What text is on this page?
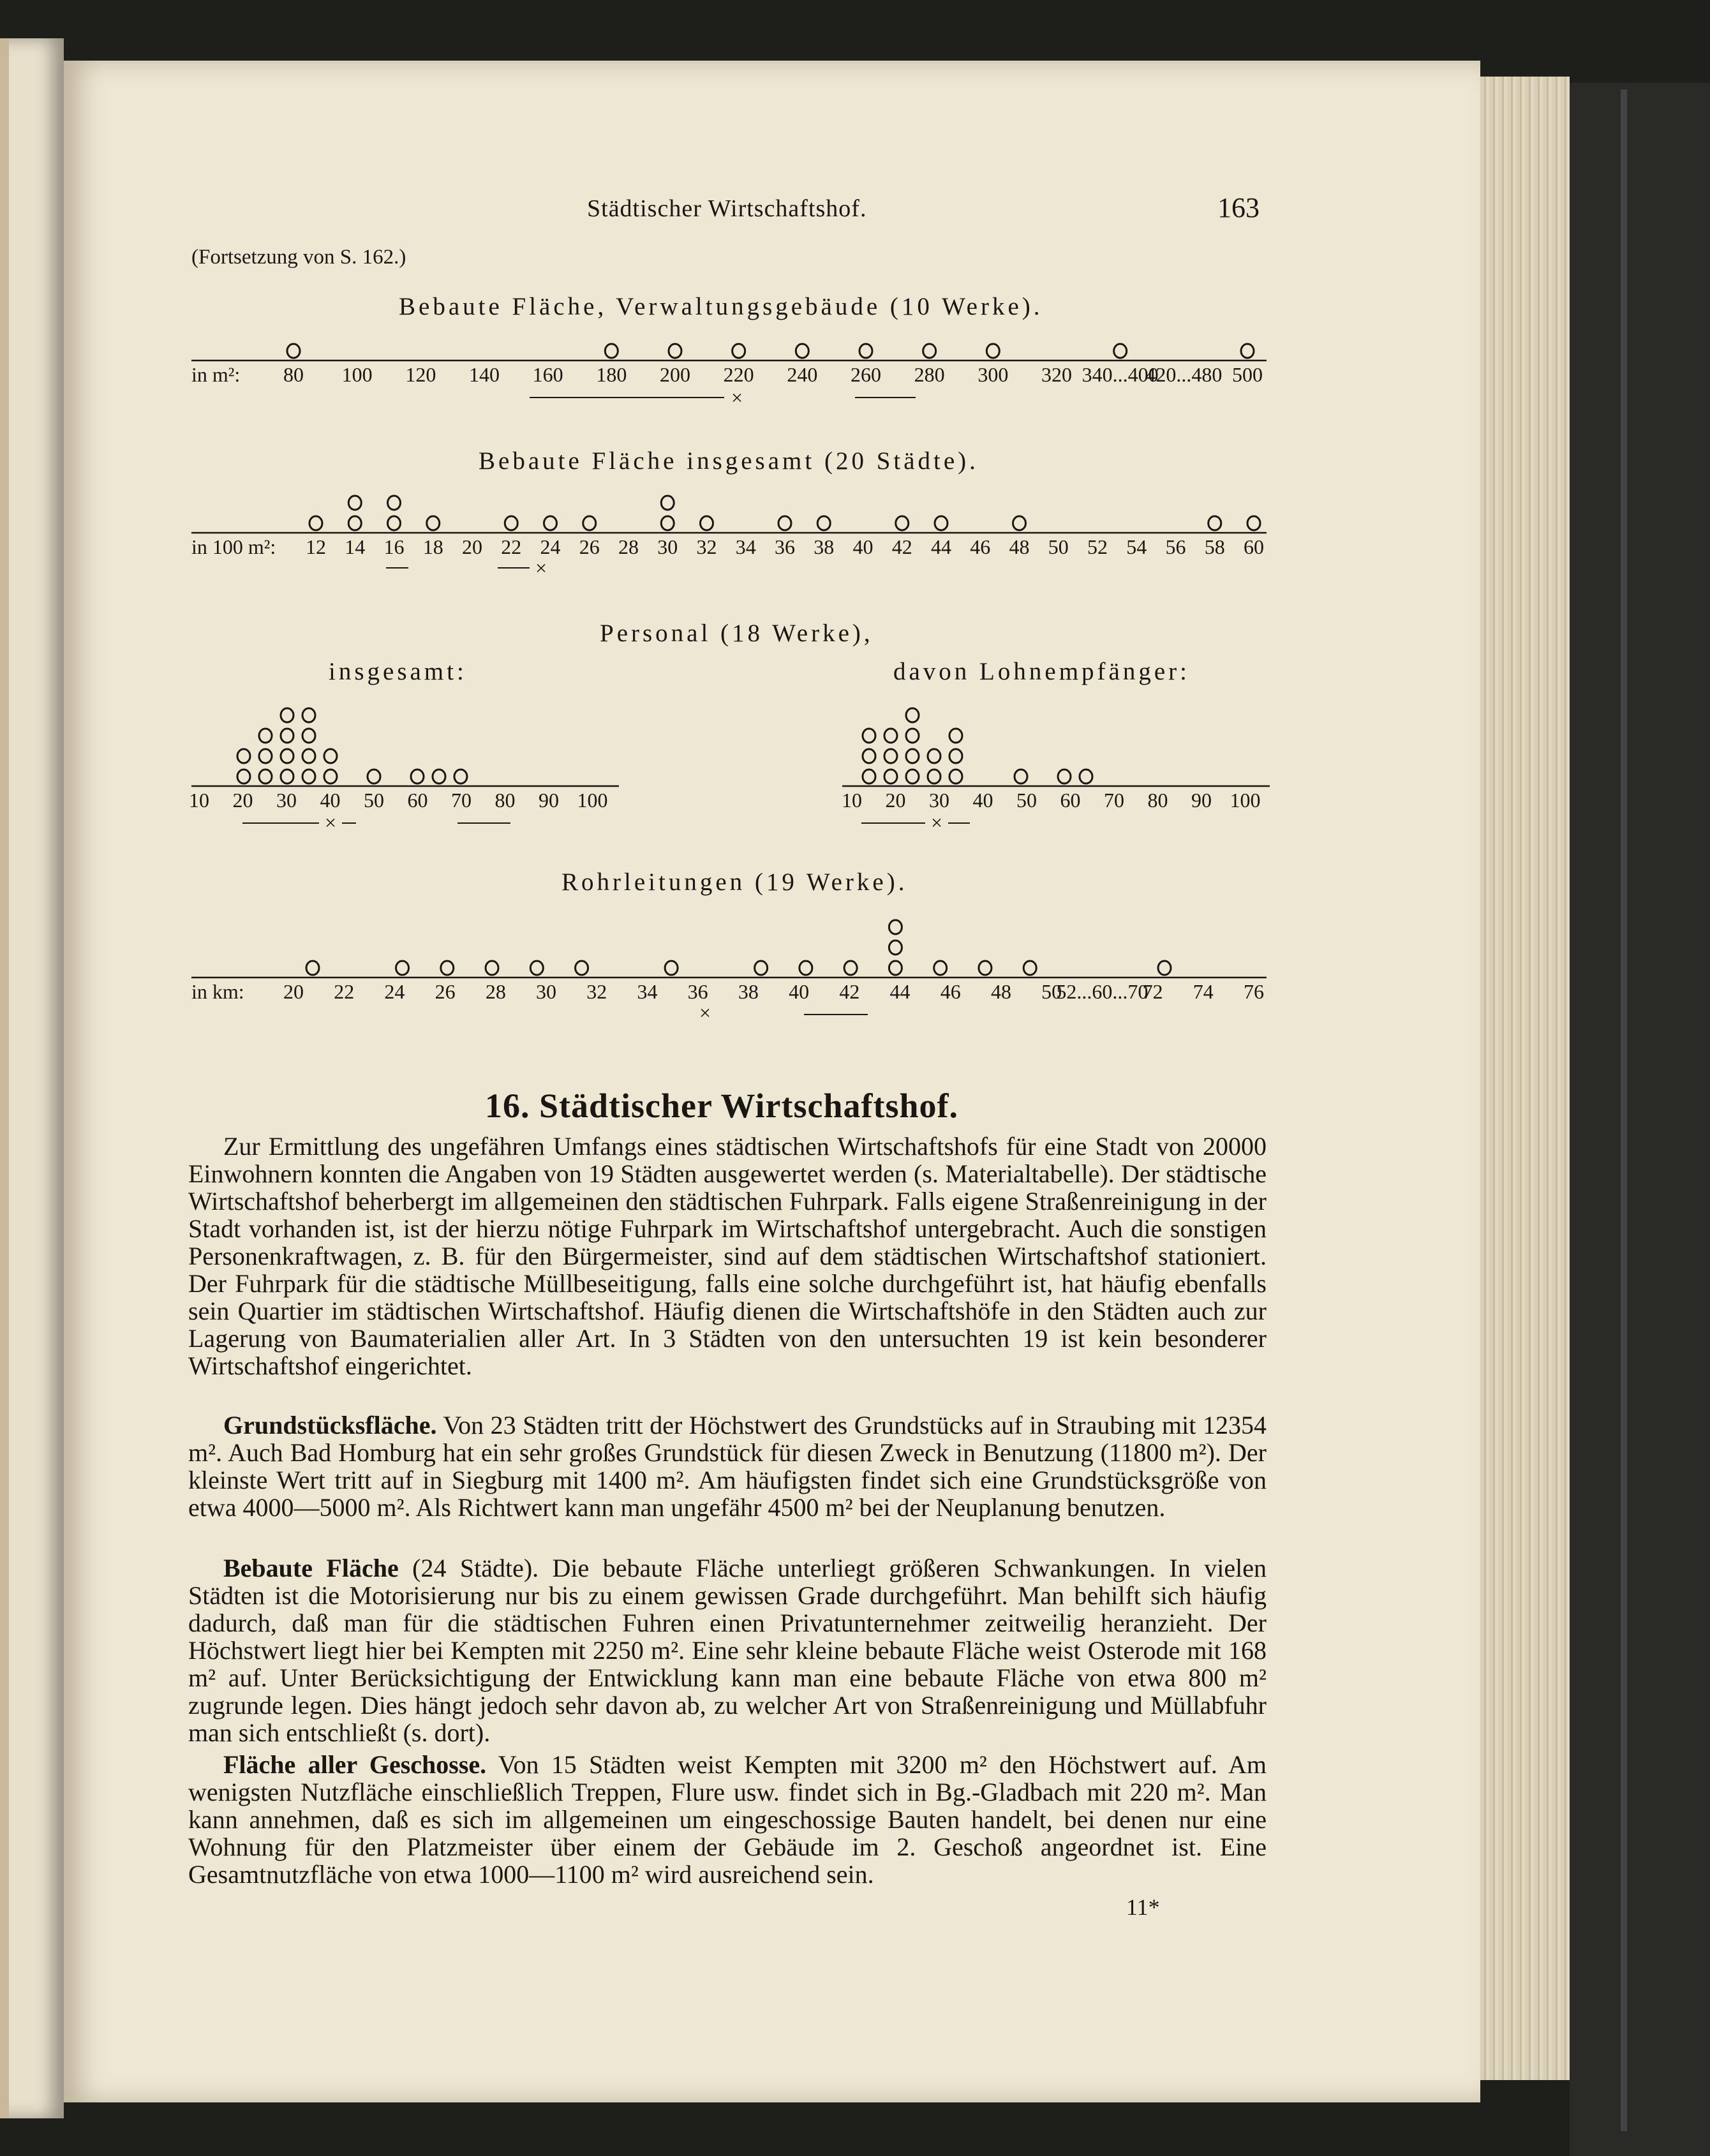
Städtischer Wirtschaftshof.	163
(Fortsetzung von S. 162.)
Bebaute Fläche, Verwaltungsgebäude (10 Werke).
in m²: 80 100 120 140 160 180 200 220 240 260 280 300 320 340...400
420...480 500
×
Bebaute Fläche insgesamt (20 Städte).
in 100 m²: 12 14 16 18 20 22 24 26 28 30 32 34 36 38 40 42 44 46 48 50 52 54 56 58 60
×
Personal (18 Werke),
insgesamt:	davon Lohnempfänger:
10 20 30 40 50 60 70 80 90 100
×
10 20 30 40 50 60 70 80 90 100
×
Rohrleitungen (19 Werke).
in km: 20 22 24 26 28 30 32 34 36 38 40 42 44 46 48 50
52...60...70
72 74 76
×
16. Städtischer Wirtschaftshof.
Zur Ermittlung des ungefähren Umfangs eines städtischen Wirtschaftshofs für eine Stadt von 20000 Einwohnern konnten die Angaben von 19 Städten ausgewertet werden (s. Materialtabelle). Der städtische Wirtschaftshof beherbergt im allgemeinen den städtischen Fuhrpark. Falls eigene Straßenreinigung in der Stadt vorhanden ist, ist der hierzu nötige Fuhrpark im Wirtschaftshof untergebracht. Auch die sonstigen Personenkraftwagen, z. B. für den Bürgermeister, sind auf dem städtischen Wirtschaftshof stationiert. Der Fuhrpark für die städtische Müllbeseitigung, falls eine solche durchgeführt ist, hat häufig ebenfalls sein Quartier im städtischen Wirtschaftshof. Häufig dienen die Wirtschaftshöfe in den Städten auch zur Lagerung von Baumaterialien aller Art. In 3 Städten von den untersuchten 19 ist kein besonderer Wirtschaftshof eingerichtet.
Grundstücksfläche. Von 23 Städten tritt der Höchstwert des Grundstücks auf in Straubing mit 12354 m². Auch Bad Homburg hat ein sehr großes Grundstück für diesen Zweck in Benutzung (11800 m²). Der kleinste Wert tritt auf in Siegburg mit 1400 m². Am häufigsten findet sich eine Grundstücksgröße von etwa 4000—5000 m². Als Richtwert kann man ungefähr 4500 m² bei der Neuplanung benutzen.
Bebaute Fläche (24 Städte). Die bebaute Fläche unterliegt größeren Schwankungen. In vielen Städten ist die Motorisierung nur bis zu einem gewissen Grade durchgeführt. Man behilft sich häufig dadurch, daß man für die städtischen Fuhren einen Privatunternehmer zeitweilig heranzieht. Der Höchstwert liegt hier bei Kempten mit 2250 m². Eine sehr kleine bebaute Fläche weist Osterode mit 168 m² auf. Unter Berücksichtigung der Entwicklung kann man eine bebaute Fläche von etwa 800 m² zugrunde legen. Dies hängt jedoch sehr davon ab, zu welcher Art von Straßenreinigung und Müllabfuhr man sich entschließt (s. dort).
Fläche aller Geschosse. Von 15 Städten weist Kempten mit 3200 m² den Höchstwert auf. Am wenigsten Nutzfläche einschließlich Treppen, Flure usw. findet sich in Bg.-Gladbach mit 220 m². Man kann annehmen, daß es sich im allgemeinen um eingeschossige Bauten handelt, bei denen nur eine Wohnung für den Platzmeister über einem der Gebäude im 2. Geschoß angeordnet ist. Eine Gesamtnutzfläche von etwa 1000—1100 m² wird ausreichend sein.
11*
